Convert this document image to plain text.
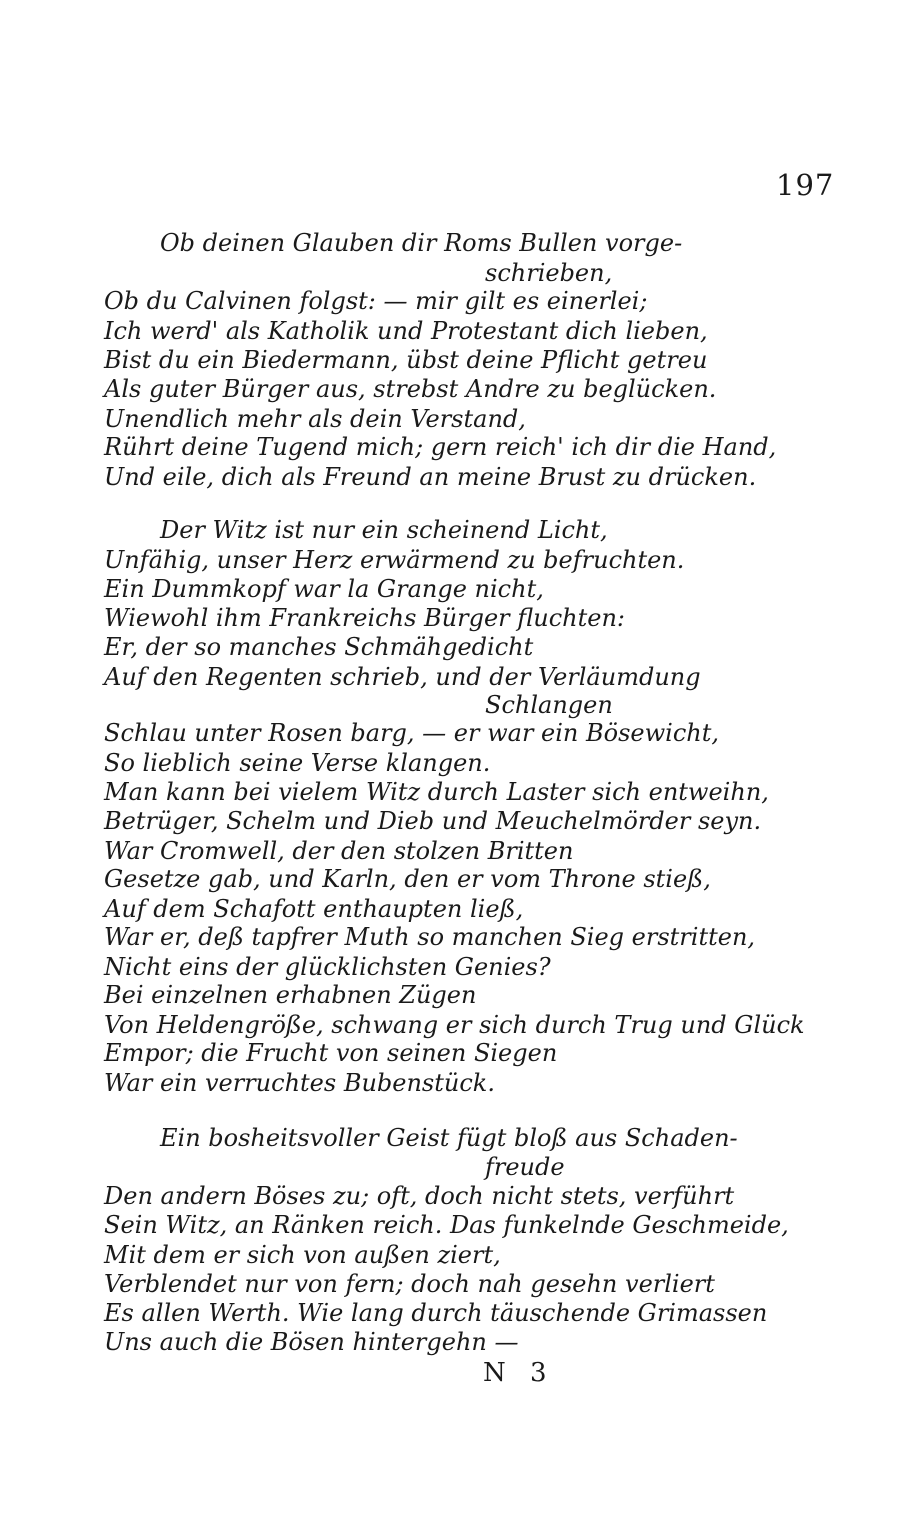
197
Ob deinen Glauben dir Roms Bullen vorge-
schrieben,
Ob du Calvinen folgst: — mir gilt es einerlei;
Ich werd' als Katholik und Protestant dich lieben,
Bist du ein Biedermann, übst deine Pflicht getreu
Als guter Bürger aus, strebst Andre zu beglücken.
Unendlich mehr als dein Verstand,
Rührt deine Tugend mich; gern reich' ich dir die Hand,
Und eile, dich als Freund an meine Brust zu drücken.
Der Witz ist nur ein scheinend Licht,
Unfähig, unser Herz erwärmend zu befruchten.
Ein Dummkopf war la Grange nicht,
Wiewohl ihm Frankreichs Bürger fluchten:
Er, der so manches Schmähgedicht
Auf den Regenten schrieb, und der Verläumdung
Schlangen
Schlau unter Rosen barg, — er war ein Bösewicht,
So lieblich seine Verse klangen.
Man kann bei vielem Witz durch Laster sich entweihn,
Betrüger, Schelm und Dieb und Meuchelmörder seyn.
War Cromwell, der den stolzen Britten
Gesetze gab, und Karln, den er vom Throne stieß,
Auf dem Schafott enthaupten ließ,
War er, deß tapfrer Muth so manchen Sieg erstritten,
Nicht eins der glücklichsten Genies?
Bei einzelnen erhabnen Zügen
Von Heldengröße, schwang er sich durch Trug und Glück
Empor; die Frucht von seinen Siegen
War ein verruchtes Bubenstück.
Ein bosheitsvoller Geist fügt bloß aus Schaden-
freude
Den andern Böses zu; oft, doch nicht stets, verführt
Sein Witz, an Ränken reich. Das funkelnde Geschmeide,
Mit dem er sich von außen ziert,
Verblendet nur von fern; doch nah gesehn verliert
Es allen Werth. Wie lang durch täuschende Grimassen
Uns auch die Bösen hintergehn —
N 3
